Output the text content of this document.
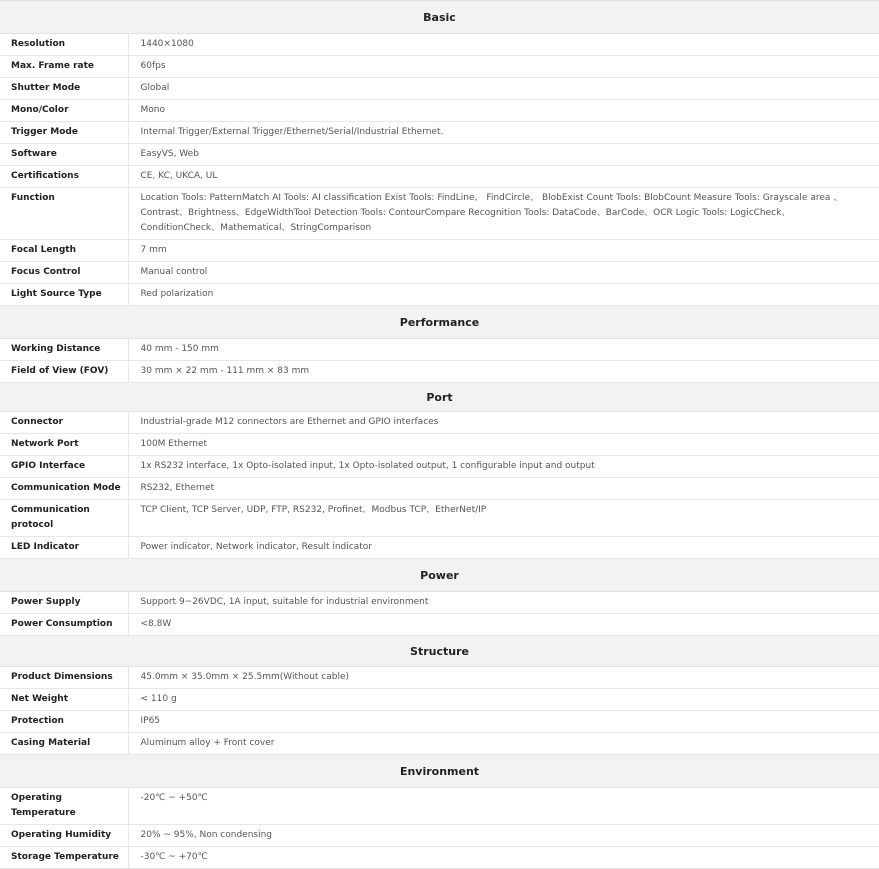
Basic	

Resolution	1440×1080

Max. Frame rate	60fps

Shutter Mode	Global

Mono/Color	Mono

Trigger Mode	Internal Trigger/External Trigger/Ethernet/Serial/Industrial Ethernet.

Software	EasyVS, Web

Certifications	CE, KC, UKCA, UL

Function	Location Tools: PatternMatch AI Tools: AI classification Exist Tools: FindLine、 FindCircle、 BlobExist Count Tools: BlobCount Measure Tools: Grayscale area 、Contrast、Brightness、EdgeWidthTool Detection Tools: ContourCompare Recognition Tools: DataCode、BarCode、OCR Logic Tools: LogicCheck、ConditionCheck、Mathematical、StringComparison

Focal Length	7 mm

Focus Control	Manual control

Light Source Type	Red polarization

Performance	

Working Distance	40 mm - 150 mm

Field of View (FOV)	30 mm × 22 mm - 111 mm × 83 mm

Port	

Connector	Industrial-grade M12 connectors are Ethernet and GPIO interfaces

Network Port	100M Ethernet

GPIO Interface	1x RS232 interface, 1x Opto-isolated input, 1x Opto-isolated output, 1 configurable input and output

Communication Mode	RS232, Ethernet

Communication protocol	TCP Client, TCP Server, UDP, FTP, RS232, Profinet、Modbus TCP、EtherNet/IP

LED Indicator	Power indicator, Network indicator, Result indicator

Power	

Power Supply	Support 9~26VDC, 1A input, suitable for industrial environment

Power Consumption	<8.8W

Structure	

Product Dimensions	45.0mm × 35.0mm × 25.5mm(Without cable)

Net Weight	< 110 g

Protection	IP65

Casing Material	Aluminum alloy + Front cover

Environment	

Operating Temperature	-20℃ ~ +50℃

Operating Humidity	20% ~ 95%, Non condensing

Storage Temperature	-30℃ ~ +70℃
